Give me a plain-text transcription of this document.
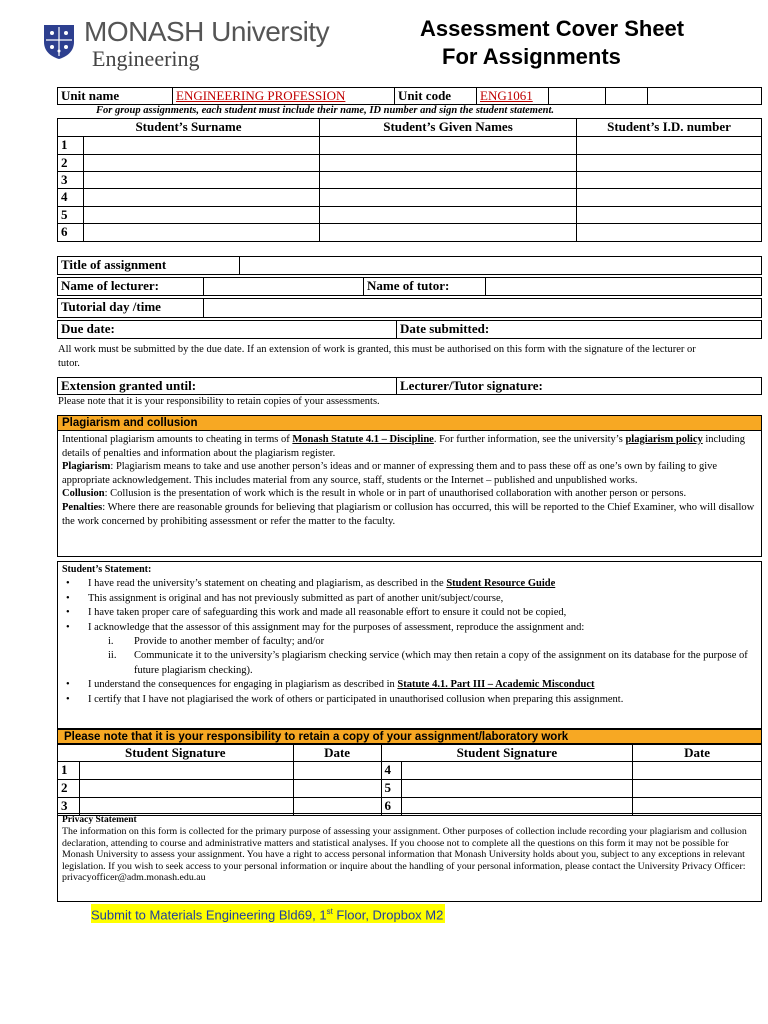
MONASH University
Engineering
Assessment Cover Sheet
For Assignments
Unit name	ENGINEERING PROFESSION	Unit code	ENG1061			
For group assignments, each student must include their name, ID number and sign the student statement.
Student’s Surname		Student’s Given Names	Student’s I.D. number
1			
2			
3			
4			
5			
6			
Title of assignment	
Name of lecturer:		Name of tutor:	
Tutorial day /time	
Due date:	Date submitted:
All work must be submitted by the due date. If an extension of work is granted, this must be authorised on this form with the signature of the lecturer or tutor.
Extension granted until:	Lecturer/Tutor signature:
Please note that it is your responsibility to retain copies of your assessments.
Plagiarism and collusion
Intentional plagiarism amounts to cheating in terms of Monash Statute 4.1 – Discipline. For further information, see the university’s plagiarism policy including details of penalties and information about the plagiarism register.
Plagiarism: Plagiarism means to take and use another person’s ideas and or manner of expressing them and to pass these off as one’s own by failing to give appropriate acknowledgement. This includes material from any source, staff, students or the Internet – published and unpublished works.
Collusion: Collusion is the presentation of work which is the result in whole or in part of unauthorised collaboration with another person or persons.
Penalties: Where there are reasonable grounds for believing that plagiarism or collusion has occurred, this will be reported to the Chief Examiner, who will disallow the work concerned by prohibiting assessment or refer the matter to the faculty.
Student’s Statement:
•	I have read the university’s statement on cheating and plagiarism, as described in the Student Resource Guide
•	This assignment is original and has not previously submitted as part of another unit/subject/course,
•	I have taken proper care of safeguarding this work and made all reasonable effort to ensure it could not be copied,
•	I acknowledge that the assessor of this assignment may for the purposes of assessment, reproduce the assignment and:
i.	Provide to another member of faculty; and/or
ii.	Communicate it to the university’s plagiarism checking service (which may then retain a copy of the assignment on its database for the purpose of future plagiarism checking).
•	I understand the consequences for engaging in plagiarism as described in Statute 4.1. Part III – Academic Misconduct
•	I certify that I have not plagiarised the work of others or participated in unauthorised collusion when preparing this assignment.
Please note that it is your responsibility to retain a copy of your assignment/laboratory work
Student Signature		Date	Student Signature		Date
1			4		
2			5		
3			6		
Privacy Statement
The information on this form is collected for the primary purpose of assessing your assignment. Other purposes of collection include recording your plagiarism and collusion declaration, attending to course and administrative matters and statistical analyses. If you choose not to complete all the questions on this form it may not be possible for Monash University to assess your assignment. You have a right to access personal information that Monash University holds about you, subject to any exceptions in relevant legislation. If you wish to seek access to your personal information or inquire about the handling of your personal information, please contact the University Privacy Officer: privacyofficer@adm.monash.edu.au
Submit to Materials Engineering Bld69, 1st Floor, Dropbox M2
